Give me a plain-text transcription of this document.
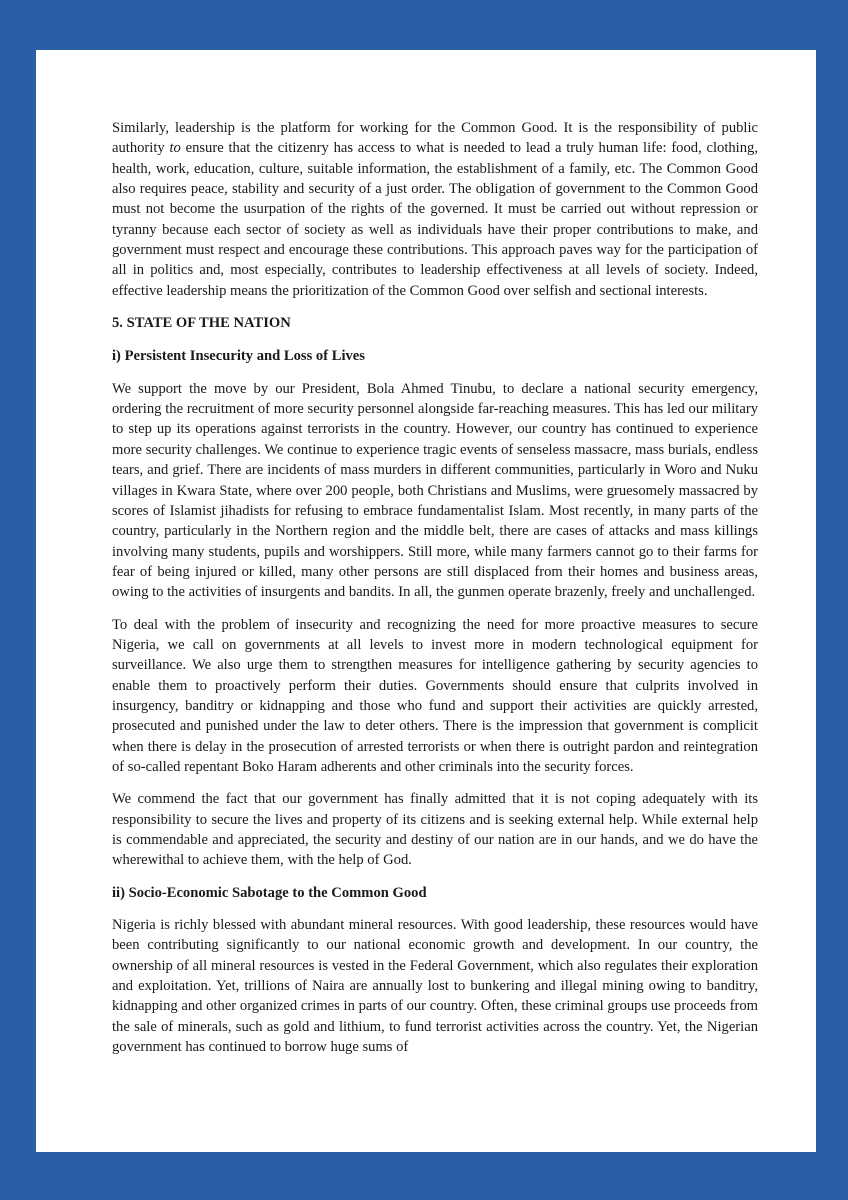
Similarly, leadership is the platform for working for the Common Good. It is the responsibility of public authority to ensure that the citizenry has access to what is needed to lead a truly human life: food, clothing, health, work, education, culture, suitable information, the establishment of a family, etc. The Common Good also requires peace, stability and security of a just order. The obligation of government to the Common Good must not become the usurpation of the rights of the governed. It must be carried out without repression or tyranny because each sector of society as well as individuals have their proper contributions to make, and government must respect and encourage these contributions. This approach paves way for the participation of all in politics and, most especially, contributes to leadership effectiveness at all levels of society. Indeed, effective leadership means the prioritization of the Common Good over selfish and sectional interests.

5. STATE OF THE NATION
i) Persistent Insecurity and Loss of Lives

We support the move by our President, Bola Ahmed Tinubu, to declare a national security emergency, ordering the recruitment of more security personnel alongside far-reaching measures. This has led our military to step up its operations against terrorists in the country. However, our country has continued to experience more security challenges. We continue to experience tragic events of senseless massacre, mass burials, endless tears, and grief. There are incidents of mass murders in different communities, particularly in Woro and Nuku villages in Kwara State, where over 200 people, both Christians and Muslims, were gruesomely massacred by scores of Islamist jihadists for refusing to embrace fundamentalist Islam. Most recently, in many parts of the country, particularly in the Northern region and the middle belt, there are cases of attacks and mass killings involving many students, pupils and worshippers. Still more, while many farmers cannot go to their farms for fear of being injured or killed, many other persons are still displaced from their homes and business areas, owing to the activities of insurgents and bandits. In all, the gunmen operate brazenly, freely and unchallenged.

To deal with the problem of insecurity and recognizing the need for more proactive measures to secure Nigeria, we call on governments at all levels to invest more in modern technological equipment for surveillance. We also urge them to strengthen measures for intelligence gathering by security agencies to enable them to proactively perform their duties. Governments should ensure that culprits involved in insurgency, banditry or kidnapping and those who fund and support their activities are quickly arrested, prosecuted and punished under the law to deter others. There is the impression that government is complicit when there is delay in the prosecution of arrested terrorists or when there is outright pardon and reintegration of so-called repentant Boko Haram adherents and other criminals into the security forces.

We commend the fact that our government has finally admitted that it is not coping adequately with its responsibility to secure the lives and property of its citizens and is seeking external help. While external help is commendable and appreciated, the security and destiny of our nation are in our hands, and we do have the wherewithal to achieve them, with the help of God.

ii) Socio-Economic Sabotage to the Common Good

Nigeria is richly blessed with abundant mineral resources. With good leadership, these resources would have been contributing significantly to our national economic growth and development. In our country, the ownership of all mineral resources is vested in the Federal Government, which also regulates their exploration and exploitation. Yet, trillions of Naira are annually lost to bunkering and illegal mining owing to banditry, kidnapping and other organized crimes in parts of our country. Often, these criminal groups use proceeds from the sale of minerals, such as gold and lithium, to fund terrorist activities across the country. Yet, the Nigerian government has continued to borrow huge sums of
